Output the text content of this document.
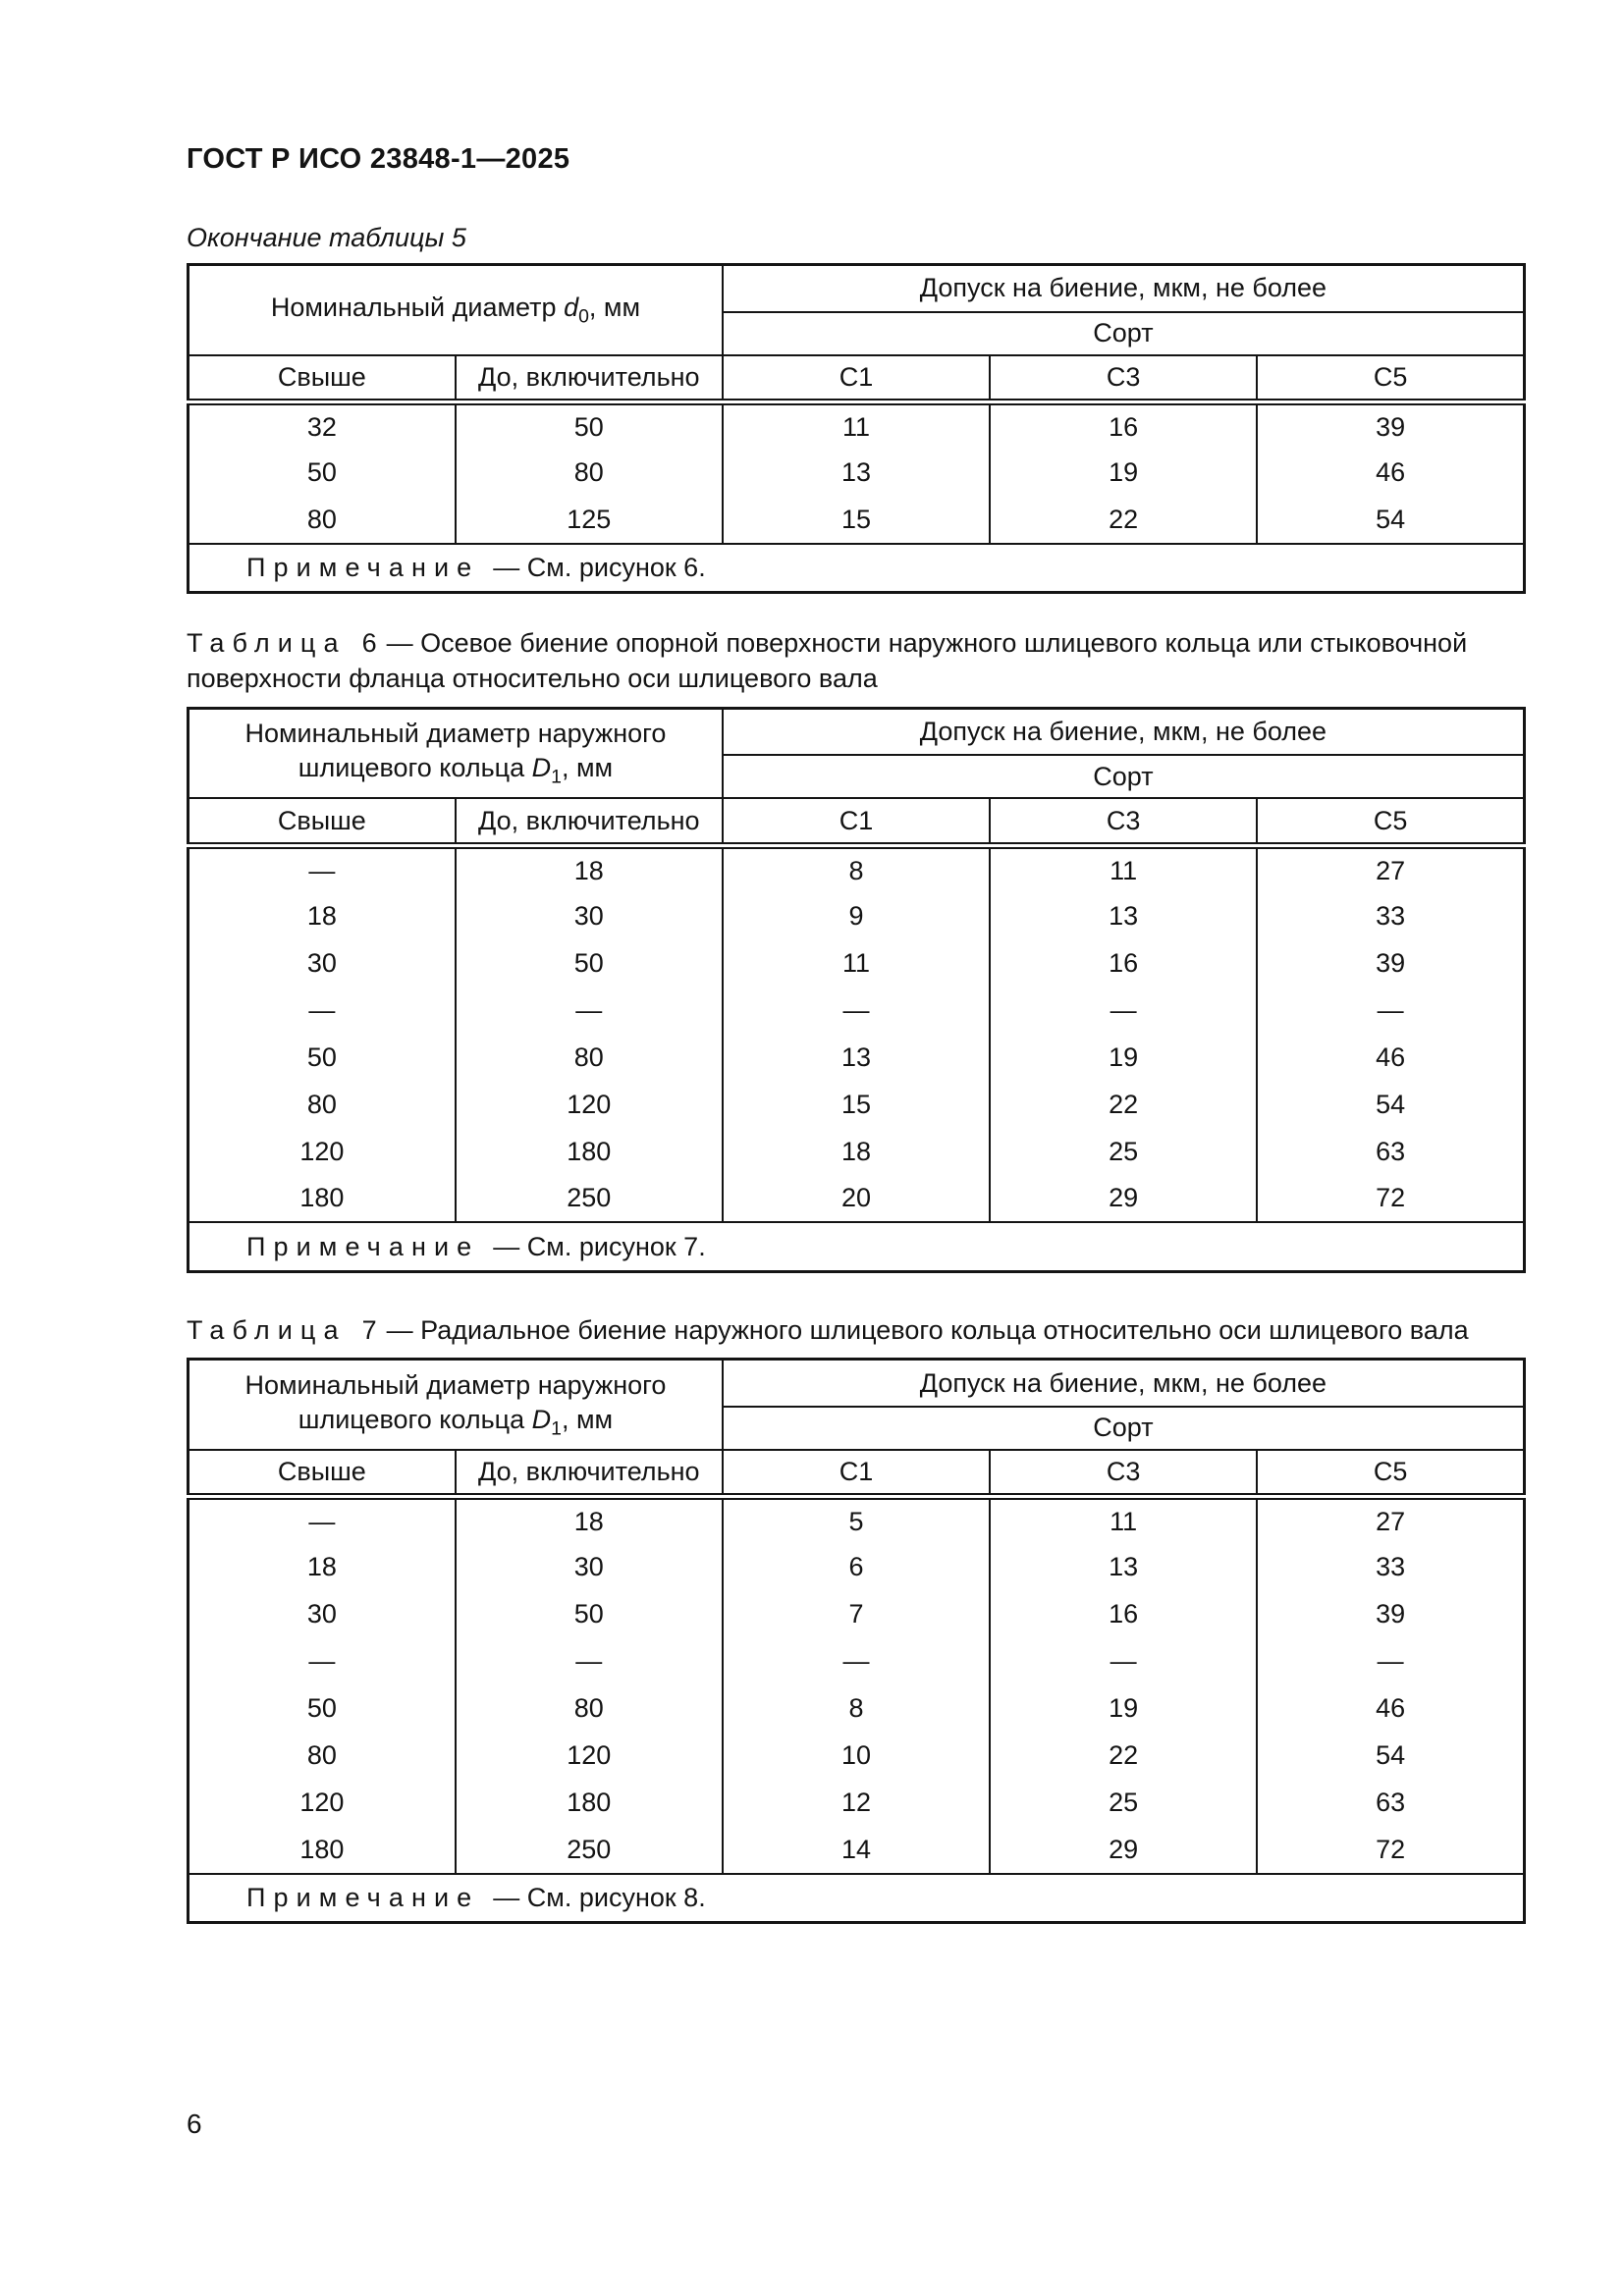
ГОСТ Р ИСО 23848-1—2025
Окончание таблицы 5
Номинальный диаметр $d_0$, мм		Допуск на биение, мкм, не более		
		Сорт		
Свыше	До, включительно	С1	С3	С5
32	50	11	16	39
50	80	13	19	46
80	125	15	22	54
Примечание — См. рисунок 6.				

Таблица 6 — Осевое биение опорной поверхности наружного шлицевого кольца или стыковочной поверхности фланца относительно оси шлицевого вала

Номинальный диаметр наружного
шлицевого кольца $D_1$, мм		Допуск на биение, мкм, не более		
		Сорт		
Свыше	До, включительно	С1	С3	С5
—	18	8	11	27
18	30	9	13	33
30	50	11	16	39
—	—	—	—	—
50	80	13	19	46
80	120	15	22	54
120	180	18	25	63
180	250	20	29	72
Примечание — См. рисунок 7.				

Таблица 7 — Радиальное биение наружного шлицевого кольца относительно оси шлицевого вала

Номинальный диаметр наружного
шлицевого кольца $D_1$, мм		Допуск на биение, мкм, не более		
		Сорт		
Свыше	До, включительно	С1	С3	С5
—	18	5	11	27
18	30	6	13	33
30	50	7	16	39
—	—	—	—	—
50	80	8	19	46
80	120	10	22	54
120	180	12	25	63
180	250	14	29	72
Примечание — См. рисунок 8.				
6
